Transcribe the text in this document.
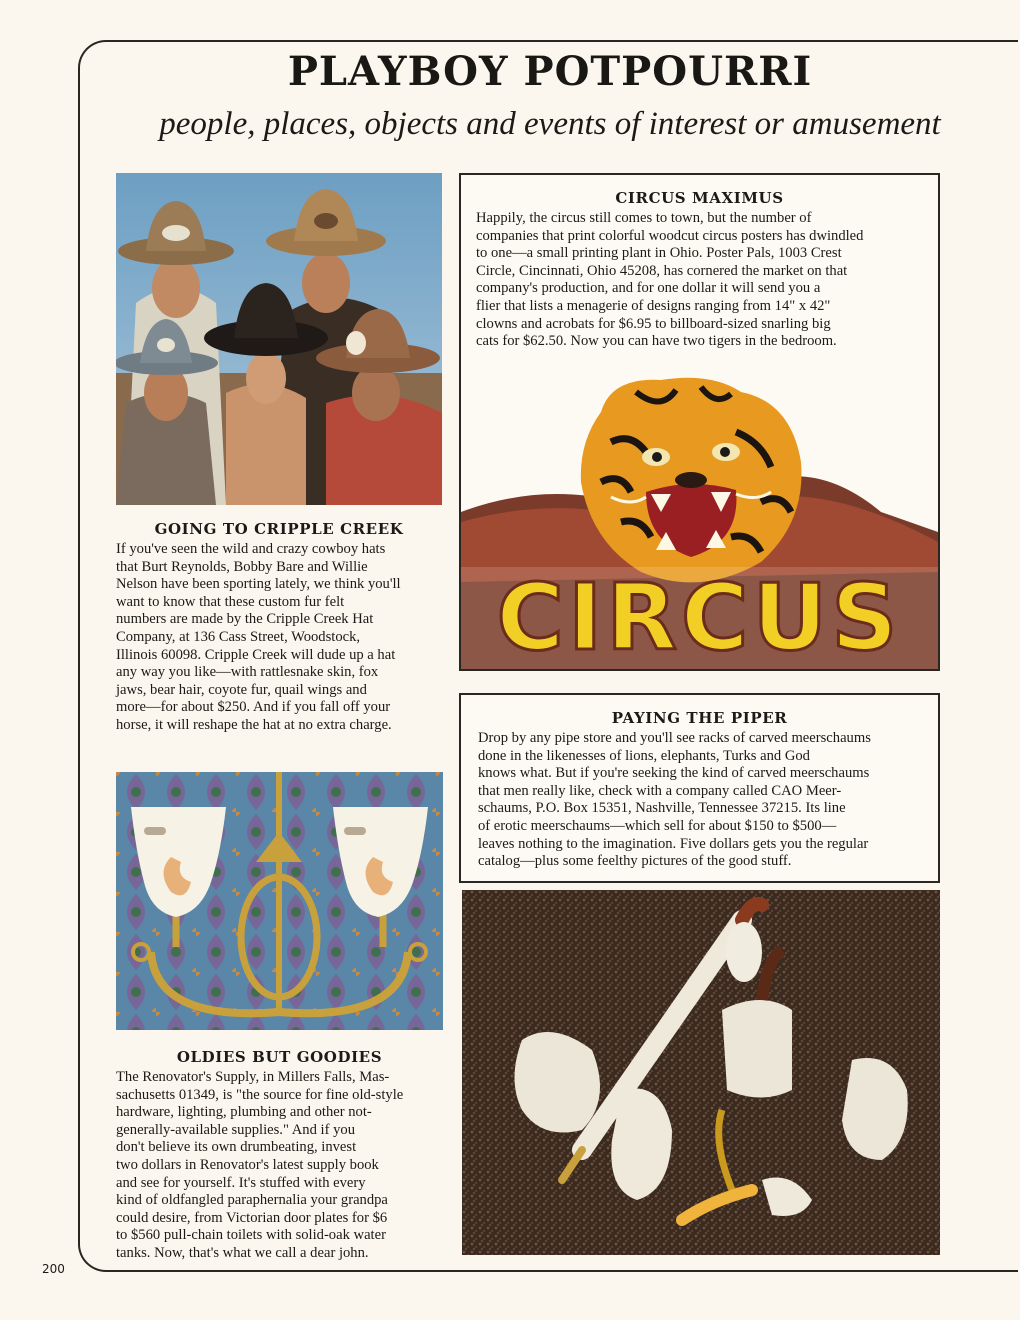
PLAYBOY POTPOURRI
people, places, objects and events of interest or amusement
GOING TO CRIPPLE CREEK
If you've seen the wild and crazy cowboy hats
that Burt Reynolds, Bobby Bare and Willie
Nelson have been sporting lately, we think you'll
want to know that these custom fur felt
numbers are made by the Cripple Creek Hat
Company, at 136 Cass Street, Woodstock,
Illinois 60098. Cripple Creek will dude up a hat
any way you like—with rattlesnake skin, fox
jaws, bear hair, coyote fur, quail wings and
more—for about $250. And if you fall off your
horse, it will reshape the hat at no extra charge.
CIRCUS MAXIMUS
Happily, the circus still comes to town, but the number of
companies that print colorful woodcut circus posters has dwindled
to one—a small printing plant in Ohio. Poster Pals, 1003 Crest
Circle, Cincinnati, Ohio 45208, has cornered the market on that
company's production, and for one dollar it will send you a
flier that lists a menagerie of designs ranging from 14" x 42"
clowns and acrobats for $6.95 to billboard-sized snarling big
cats for $62.50. Now you can have two tigers in the bedroom.
CIRCUS
PAYING THE PIPER
Drop by any pipe store and you'll see racks of carved meerschaums
done in the likenesses of lions, elephants, Turks and God
knows what. But if you're seeking the kind of carved meerschaums
that men really like, check with a company called CAO Meer-
schaums, P.O. Box 15351, Nashville, Tennessee 37215. Its line
of erotic meerschaums—which sell for about $150 to $500—
leaves nothing to the imagination. Five dollars gets you the regular
catalog—plus some feelthy pictures of the good stuff.
OLDIES BUT GOODIES
The Renovator's Supply, in Millers Falls, Mas-
sachusetts 01349, is "the source for fine old-style
hardware, lighting, plumbing and other not-
generally-available supplies." And if you
don't believe its own drumbeating, invest
two dollars in Renovator's latest supply book
and see for yourself. It's stuffed with every
kind of oldfangled paraphernalia your grandpa
could desire, from Victorian door plates for $6
to $560 pull-chain toilets with solid-oak water
tanks. Now, that's what we call a dear john.
200
